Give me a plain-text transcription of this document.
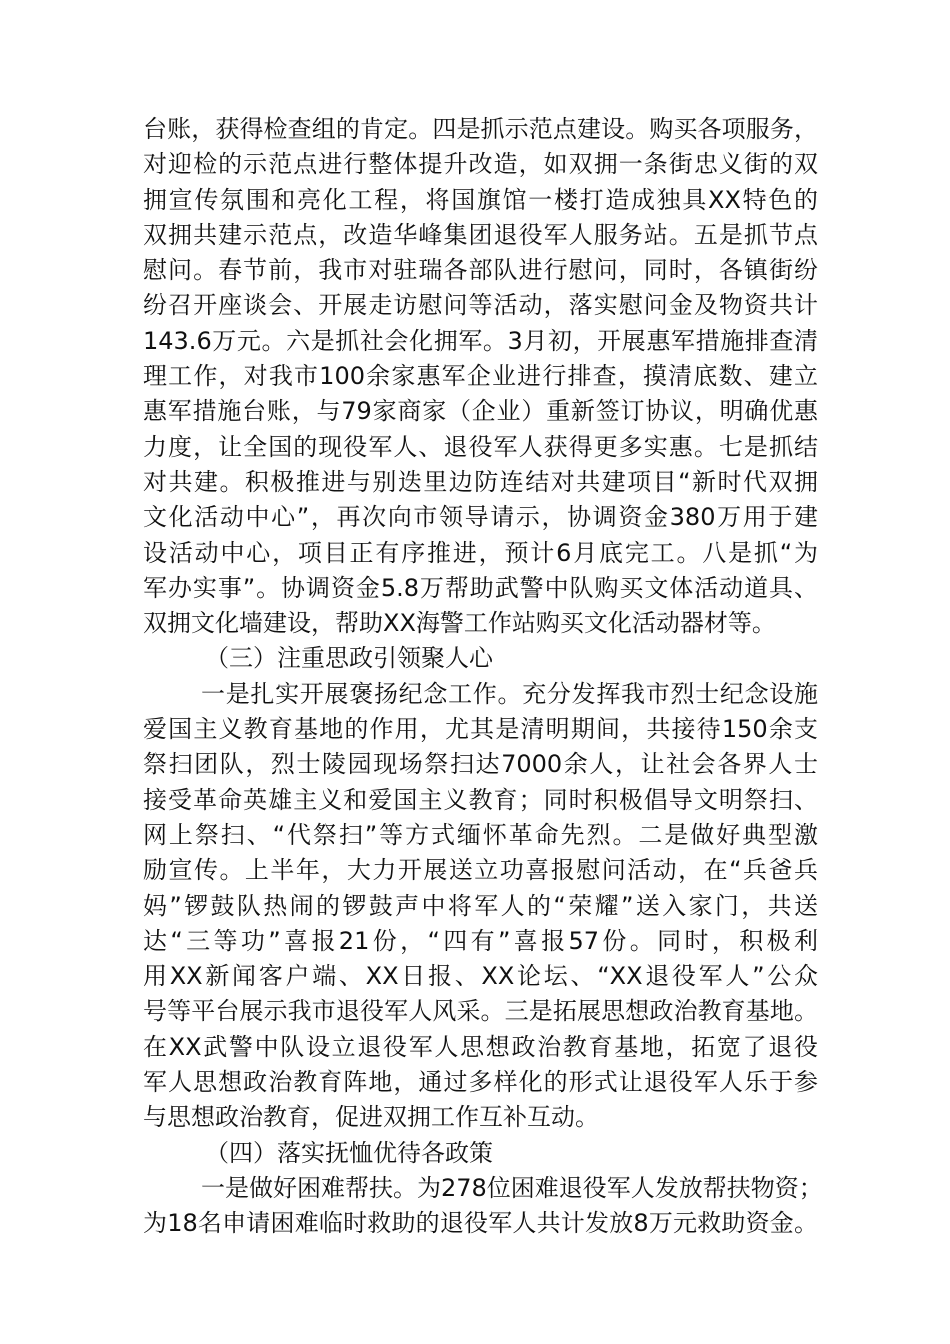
台账，获得检查组的肯定。四是抓示范点建设。购买各项服务，
对迎检的示范点进行整体提升改造，如双拥一条街忠义街的双
拥宣传氛围和亮化工程，将国旗馆一楼打造成独具XX特色的
双拥共建示范点，改造华峰集团退役军人服务站。五是抓节点
慰问。春节前，我市对驻瑞各部队进行慰问，同时，各镇街纷
纷召开座谈会、开展走访慰问等活动，落实慰问金及物资共计
143.6万元。六是抓社会化拥军。3月初，开展惠军措施排查清
理工作，对我市100余家惠军企业进行排查，摸清底数、建立
惠军措施台账，与79家商家（企业）重新签订协议，明确优惠
力度，让全国的现役军人、退役军人获得更多实惠。七是抓结
对共建。积极推进与别迭里边防连结对共建项目“新时代双拥
文化活动中心”，再次向市领导请示，协调资金380万用于建
设活动中心，项目正有序推进，预计6月底完工。八是抓“为
军办实事”。协调资金5.8万帮助武警中队购买文体活动道具、
双拥文化墙建设，帮助XX海警工作站购买文化活动器材等。
（三）注重思政引领聚人心
一是扎实开展褒扬纪念工作。充分发挥我市烈士纪念设施
爱国主义教育基地的作用，尤其是清明期间，共接待150余支
祭扫团队，烈士陵园现场祭扫达7000余人，让社会各界人士
接受革命英雄主义和爱国主义教育；同时积极倡导文明祭扫、
网上祭扫、“代祭扫”等方式缅怀革命先烈。二是做好典型激
励宣传。上半年，大力开展送立功喜报慰问活动，在“兵爸兵
妈”锣鼓队热闹的锣鼓声中将军人的“荣耀”送入家门，共送
达“三等功”喜报21份，“四有”喜报57份。同时，积极利
用XX新闻客户端、XX日报、XX论坛、“XX退役军人”公众
号等平台展示我市退役军人风采。三是拓展思想政治教育基地。
在XX武警中队设立退役军人思想政治教育基地，拓宽了退役
军人思想政治教育阵地，通过多样化的形式让退役军人乐于参
与思想政治教育，促进双拥工作互补互动。
（四）落实抚恤优待各政策
一是做好困难帮扶。为278位困难退役军人发放帮扶物资；
为18名申请困难临时救助的退役军人共计发放8万元救助资金。
